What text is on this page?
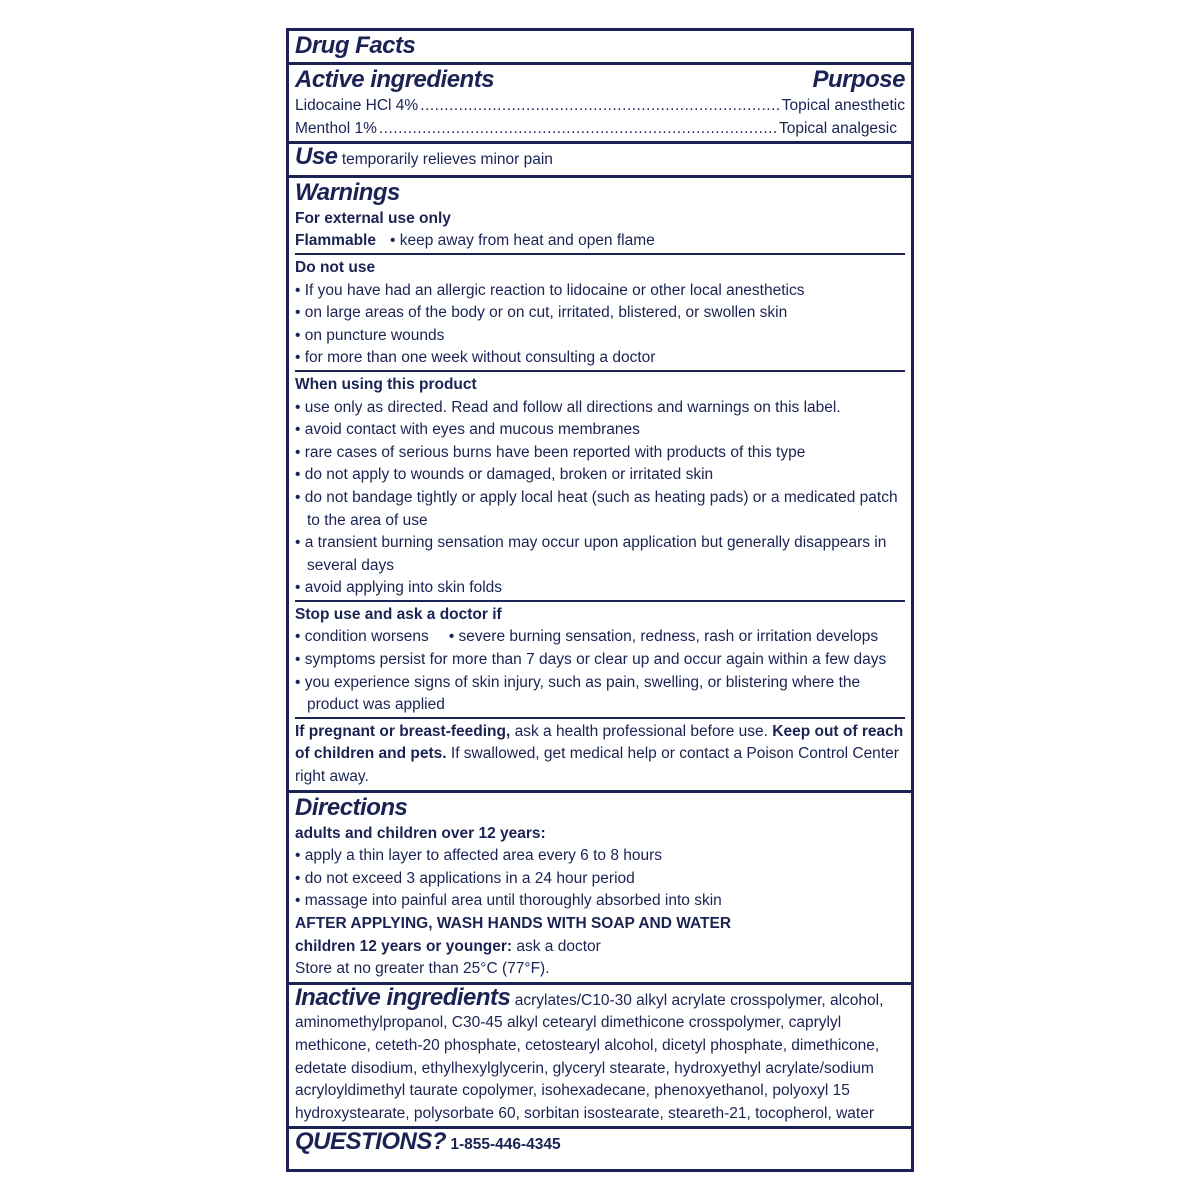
Drug Facts
Active ingredients	Purpose
Lidocaine HCl 4% .....	Topical anesthetic
Menthol 1% .....	Topical analgesic
Use temporarily relieves minor pain
Warnings
For external use only
Flammable • keep away from heat and open flame
Do not use
• If you have had an allergic reaction to lidocaine or other local anesthetics
• on large areas of the body or on cut, irritated, blistered, or swollen skin
• on puncture wounds
• for more than one week without consulting a doctor
When using this product
• use only as directed. Read and follow all directions and warnings on this label.
• avoid contact with eyes and mucous membranes
• rare cases of serious burns have been reported with products of this type
• do not apply to wounds or damaged, broken or irritated skin
• do not bandage tightly or apply local heat (such as heating pads) or a medicated patch to the area of use
• a transient burning sensation may occur upon application but generally disappears in several days
• avoid applying into skin folds
Stop use and ask a doctor if
• condition worsens • severe burning sensation, redness, rash or irritation develops
• symptoms persist for more than 7 days or clear up and occur again within a few days
• you experience signs of skin injury, such as pain, swelling, or blistering where the product was applied
If pregnant or breast-feeding, ask a health professional before use. Keep out of reach of children and pets. If swallowed, get medical help or contact a Poison Control Center right away.
Directions
adults and children over 12 years:
• apply a thin layer to affected area every 6 to 8 hours
• do not exceed 3 applications in a 24 hour period
• massage into painful area until thoroughly absorbed into skin
AFTER APPLYING, WASH HANDS WITH SOAP AND WATER
children 12 years or younger: ask a doctor
Store at no greater than 25°C (77°F).
Inactive ingredients acrylates/C10-30 alkyl acrylate crosspolymer, alcohol, aminomethylpropanol, C30-45 alkyl cetearyl dimethicone crosspolymer, caprylyl methicone, ceteth-20 phosphate, cetostearyl alcohol, dicetyl phosphate, dimethicone, edetate disodium, ethylhexylglycerin, glyceryl stearate, hydroxyethyl acrylate/sodium acryloyldimethyl taurate copolymer, isohexadecane, phenoxyethanol, polyoxyl 15 hydroxystearate, polysorbate 60, sorbitan isostearate, steareth-21, tocopherol, water
QUESTIONS? 1-855-446-4345
